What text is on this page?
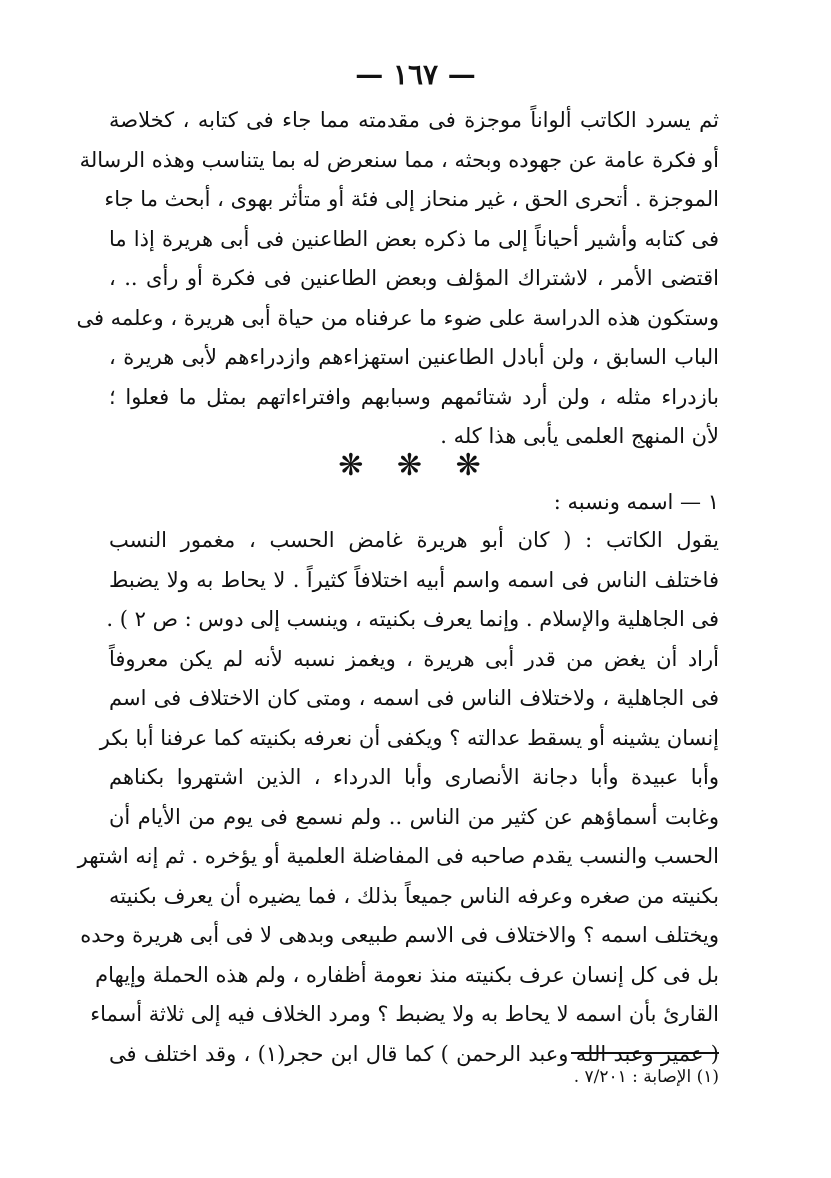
— ١٦٧ —
ثم يسرد الكاتب ألواناً موجزة فى مقدمته مما جاء فى كتابه ، كخلاصة
أو فكرة عامة عن جهوده وبحثه ، مما سنعرض له بما يتناسب وهذه الرسالة
الموجزة . أتحرى الحق ، غير منحاز إلى فئة أو متأثر بهوى ، أبحث ما جاء
فى كتابه وأشير أحياناً إلى ما ذكره بعض الطاعنين فى أبى هريرة إذا ما
اقتضى الأمر ، لاشتراك المؤلف وبعض الطاعنين فى فكرة أو رأى .. ،
وستكون هذه الدراسة على ضوء ما عرفناه من حياة أبى هريرة ، وعلمه فى
الباب السابق ، ولن أبادل الطاعنين استهزاءهم وازدراءهم لأبى هريرة ،
بازدراء مثله ، ولن أرد شتائمهم وسبابهم وافتراءاتهم بمثل ما فعلوا ؛
لأن المنهج العلمى يأبى هذا كله .
❋ ❋ ❋
١ — اسمه ونسبه :
يقول الكاتب : ( كان أبو هريرة غامض الحسب ، مغمور النسب
فاختلف الناس فى اسمه واسم أبيه اختلافاً كثيراً . لا يحاط به ولا يضبط
فى الجاهلية والإسلام . وإنما يعرف بكنيته ، وينسب إلى دوس : ص ٢ ) .
أراد أن يغض من قدر أبى هريرة ، ويغمز نسبه لأنه لم يكن معروفاً
فى الجاهلية ، ولاختلاف الناس فى اسمه ، ومتى كان الاختلاف فى اسم
إنسان يشينه أو يسقط عدالته ؟ ويكفى أن نعرفه بكنيته كما عرفنا أبا بكر
وأبا عبيدة وأبا دجانة الأنصارى وأبا الدرداء ، الذين اشتهروا بكناهم
وغابت أسماؤهم عن كثير من الناس .. ولم نسمع فى يوم من الأيام أن
الحسب والنسب يقدم صاحبه فى المفاضلة العلمية أو يؤخره . ثم إنه اشتهر
بكنيته من صغره وعرفه الناس جميعاً بذلك ، فما يضيره أن يعرف بكنيته
ويختلف اسمه ؟ والاختلاف فى الاسم طبيعى وبدهى لا فى أبى هريرة وحده
بل فى كل إنسان عرف بكنيته منذ نعومة أظفاره ، ولم هذه الحملة وإيهام
القارئ بأن اسمه لا يحاط به ولا يضبط ؟ ومرد الخلاف فيه إلى ثلاثة أسماء
( عمير وعبد الله وعبد الرحمن ) كما قال ابن حجر(١) ، وقد اختلف فى
(١) الإصابة : ٧/٢٠١ .
